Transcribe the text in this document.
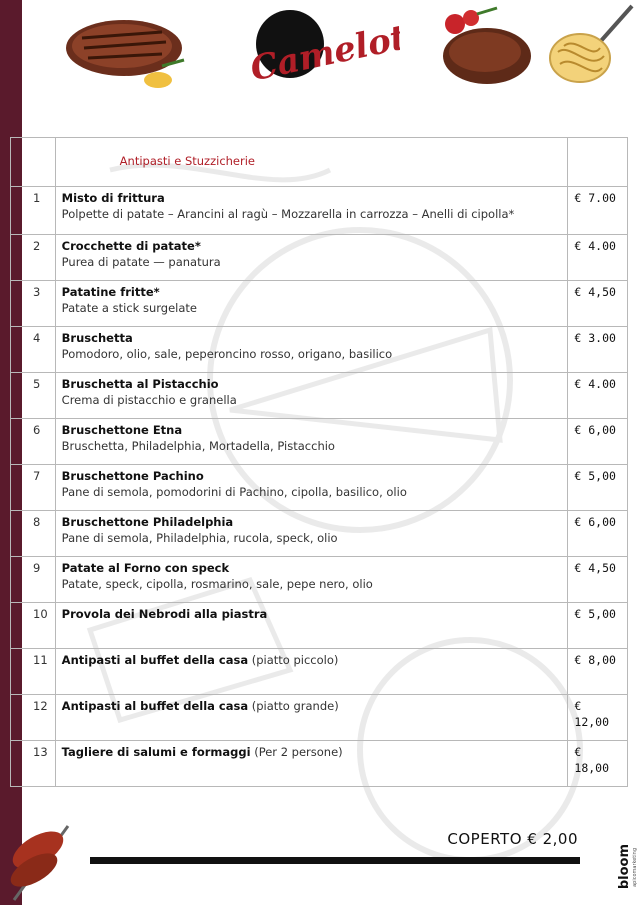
Camelot
	Antipasti e Stuzzicherie	
1	Misto di frittura
Polpette di patate – Arancini al ragù – Mozzarella in carrozza – Anelli di cipolla*	€ 7.00
2	Crocchette di patate*
Purea di patate — panatura	€ 4.00
3	Patatine fritte*
Patate a stick surgelate	€ 4,50
4	Bruschetta
Pomodoro, olio, sale, peperoncino rosso, origano, basilico	€ 3.00
5	Bruschetta al Pistacchio
Crema di pistacchio e granella	€ 4.00
6	Bruschettone Etna
Bruschetta, Philadelphia, Mortadella, Pistacchio	€ 6,00
7	Bruschettone Pachino
Pane di semola, pomodorini di Pachino, cipolla, basilico, olio	€ 5,00
8	Bruschettone Philadelphia
Pane di semola, Philadelphia, rucola, speck, olio	€ 6,00
9	Patate al Forno con speck
Patate, speck, cipolla, rosmarino, sale, pepe nero, olio	€ 4,50
10	Provola dei Nebrodi alla piastra	€ 5,00
11	Antipasti al buffet della casa (piatto piccolo)	€ 8,00
12	Antipasti al buffet della casa (piatto grande)	€ 12,00
13	Tagliere di salumi e formaggi (Per 2 persone)	€ 18,00
COPERTO € 2,00
bloom apicomarketing
